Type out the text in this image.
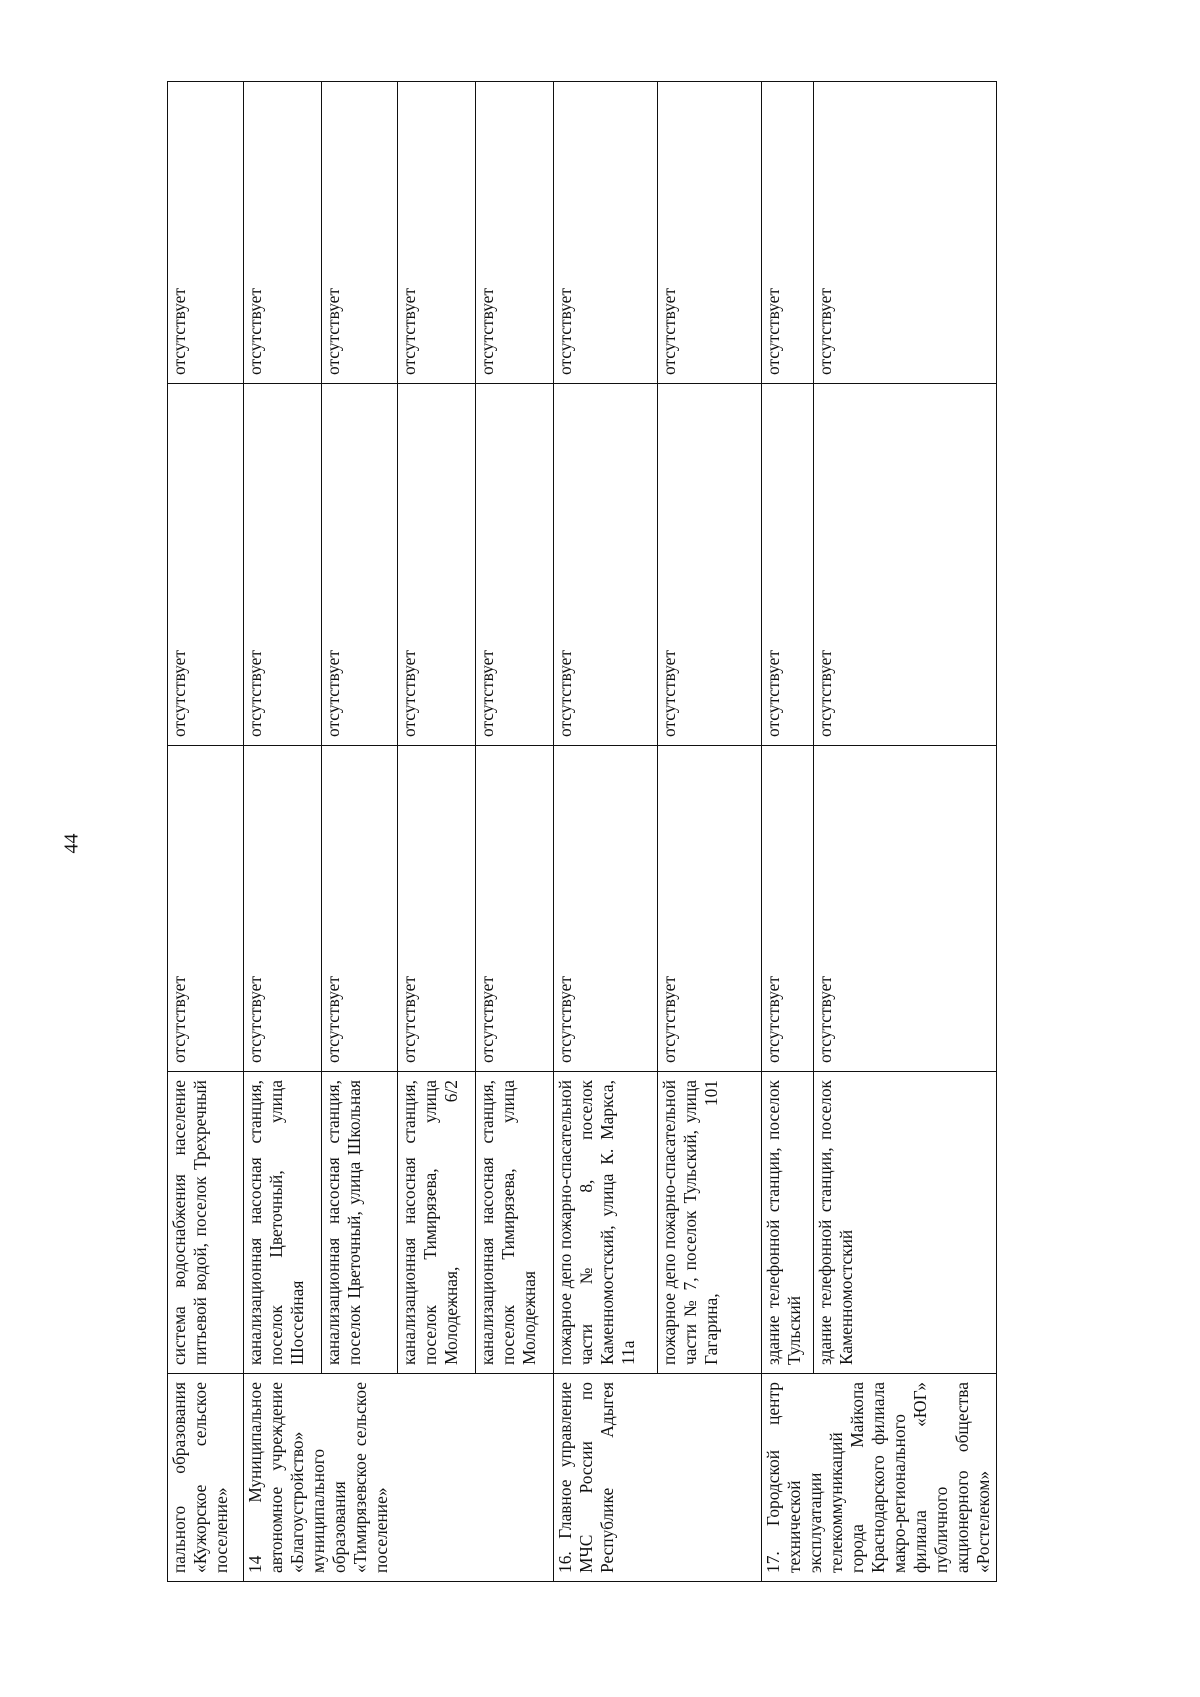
44
пального образования «Кужорское сельское поселение»	система водоснабжения население питьевой водой, поселок Трехречный	отсутствует	отсутствует	отсутствует

14 Муниципальное автономное учреждение «Благоустройство» муниципального образования «Тимирязевское сельское поселение»	канализационная насосная станция, поселок Цветочный, улица Шоссейная	отсутствует	отсутствует	отсутствует

	канализационная насосная станция, поселок Цветочный, улица Школьная	отсутствует	отсутствует	отсутствует

	канализационная насосная станция, поселок Тимирязева, улица Молодежная, 6/2	отсутствует	отсутствует	отсутствует

	канализационная насосная станция, поселок Тимирязева, улица Молодежная	отсутствует	отсутствует	отсутствует

16. Главное управление МЧС России по Республике Адыгея	пожарное депо пожарно-спасательной части № 8, поселок Каменномостский, улица К. Маркса, 11а	отсутствует	отсутствует	отсутствует

	пожарное депо пожарно-спасательной части № 7, поселок Тульский, улица Гагарина, 101	отсутствует	отсутствует	отсутствует

17. Городской центр технической эксплуатации телекоммуникаций города Майкопа Краснодарского филиала макро-регионального филиала «ЮГ» публичного акционерного общества «Ростелеком»	здание телефонной станции, поселок Тульский	отсутствует	отсутствует	отсутствует

	здание телефонной станции, поселок Каменномостский	отсутствует	отсутствует	отсутствует
